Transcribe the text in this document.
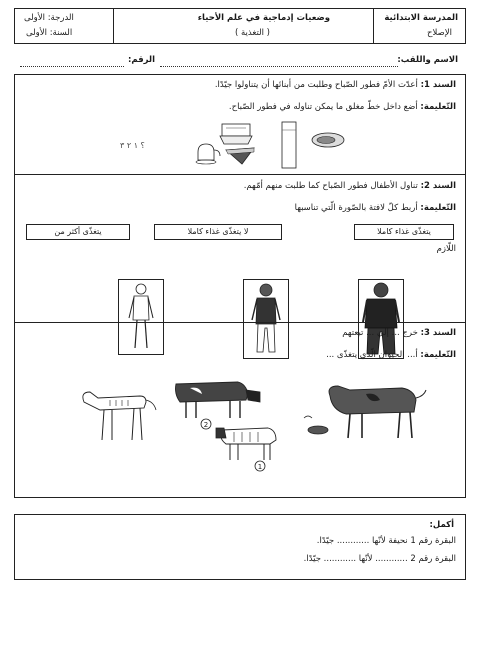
المدرسة الابتدائية
الإصلاح
وضعيات إدماجية في علم الأحياء
( التغذية )
الدرجة: الأولى
السنة: الأولى
الاسم واللقب:
الرقم:
السند 1: أعدّت الأمّ فطور الصّباح وطلبت من أبنائها أن يتناولوا جيّدًا.
التّعليمة: أضع داخل خطّ مغلق ما يمكن تناوله في فطور الصّباح.
؟ ١ ٢ ٣
السند 2: تناول الأطفال فطور الصّباح كما طلبت منهم أمّهم.
التّعليمة: أربط كلّ لافتة بالصّورة الّتي تناسبها
يتغذّى غذاء كاملا
لا يتغذّى غذاء كاملا
يتغذّى أكثر من
اللّازم
السند 3: خرج ... إلى ... تبعتهم
التّعليمة: أ... الحيوان الّذي يتغذّى ...
2
1
أكمل:
البقرة رقم 1 نحيفة لأنّها ............ جيّدًا.
البقرة رقم 2 ............ لأنّها ............ جيّدًا.
